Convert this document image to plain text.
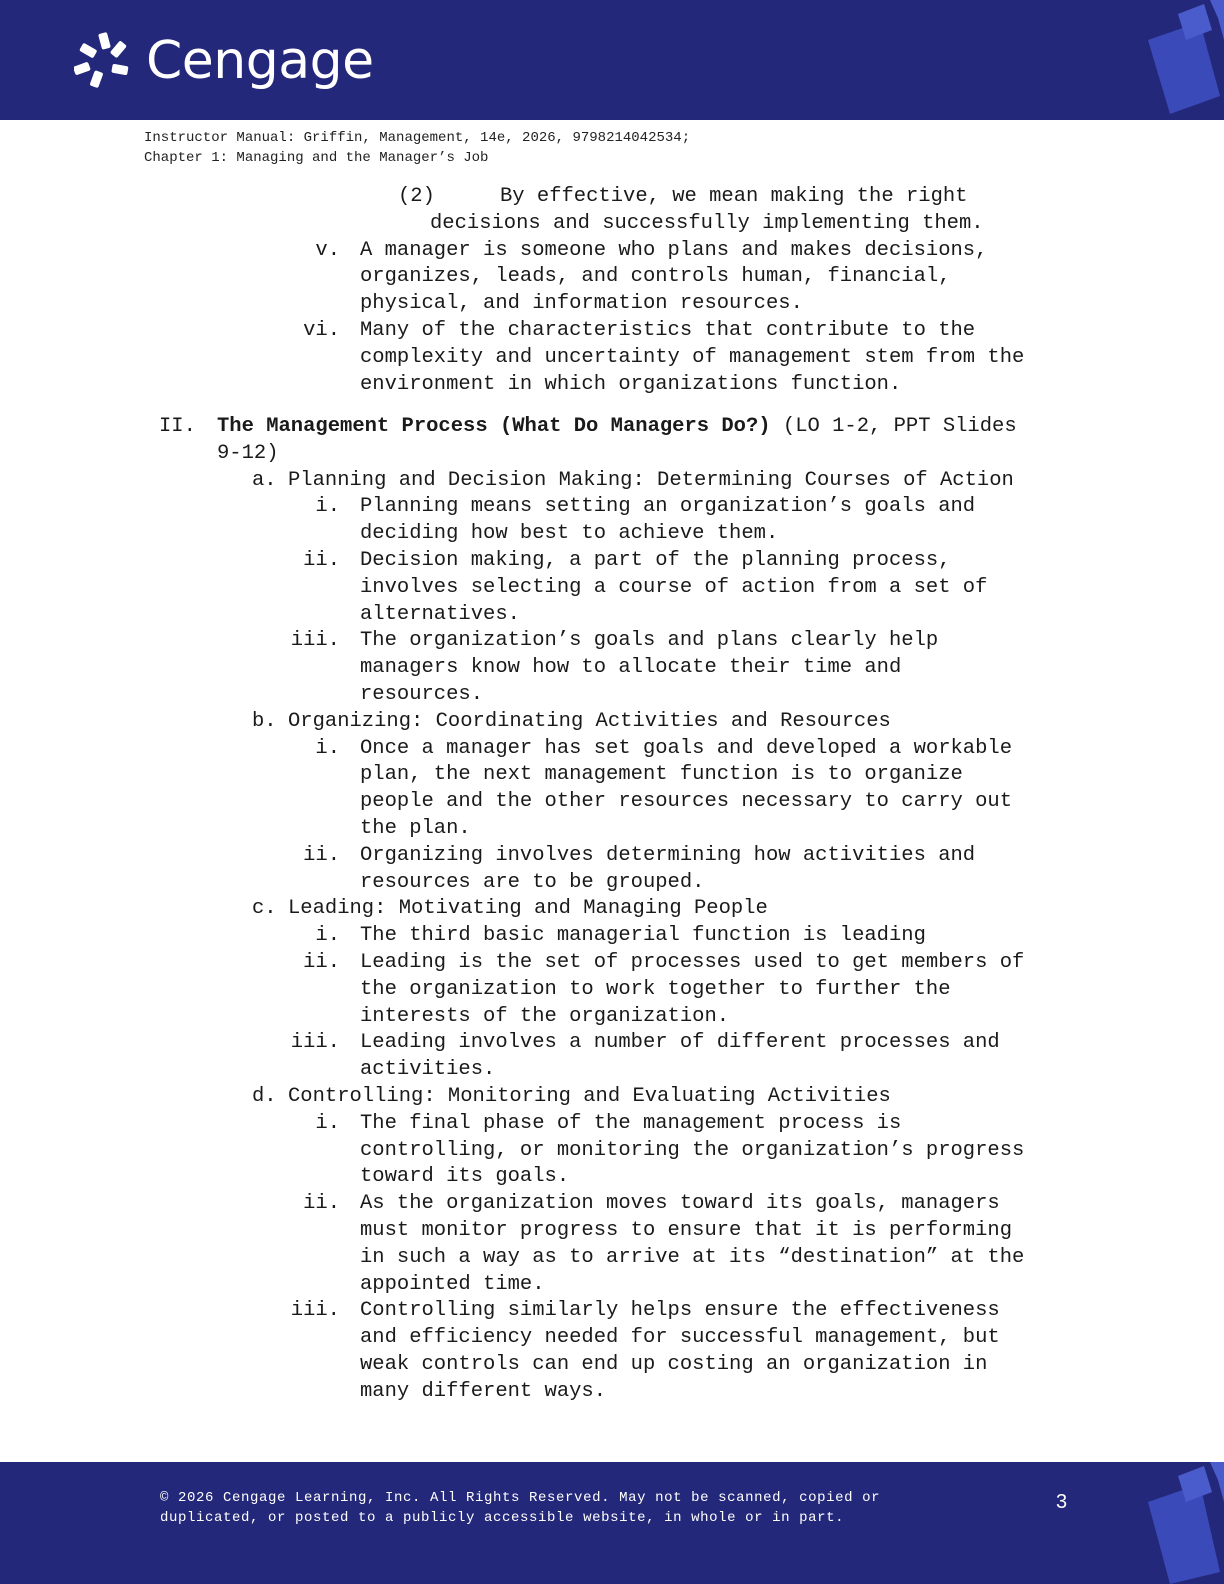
Cengage
Instructor Manual: Griffin, Management, 14e, 2026, 9798214042534;
Chapter 1: Managing and the Manager’s Job
(2)	By effective, we mean making the right
decisions and successfully implementing them.
v. A manager is someone who plans and makes decisions,
organizes, leads, and controls human, financial,
physical, and information resources.
vi. Many of the characteristics that contribute to the
complexity and uncertainty of management stem from the
environment in which organizations function.
II. The Management Process (What Do Managers Do?) (LO 1-2, PPT Slides
9-12)
a. Planning and Decision Making: Determining Courses of Action
i. Planning means setting an organization’s goals and
deciding how best to achieve them.
ii. Decision making, a part of the planning process,
involves selecting a course of action from a set of
alternatives.
iii. The organization’s goals and plans clearly help
managers know how to allocate their time and
resources.
b. Organizing: Coordinating Activities and Resources
i. Once a manager has set goals and developed a workable
plan, the next management function is to organize
people and the other resources necessary to carry out
the plan.
ii. Organizing involves determining how activities and
resources are to be grouped.
c. Leading: Motivating and Managing People
i. The third basic managerial function is leading
ii. Leading is the set of processes used to get members of
the organization to work together to further the
interests of the organization.
iii. Leading involves a number of different processes and
activities.
d. Controlling: Monitoring and Evaluating Activities
i. The final phase of the management process is
controlling, or monitoring the organization’s progress
toward its goals.
ii. As the organization moves toward its goals, managers
must monitor progress to ensure that it is performing
in such a way as to arrive at its “destination” at the
appointed time.
iii. Controlling similarly helps ensure the effectiveness
and efficiency needed for successful management, but
weak controls can end up costing an organization in
many different ways.
© 2026 Cengage Learning, Inc. All Rights Reserved. May not be scanned, copied or
duplicated, or posted to a publicly accessible website, in whole or in part.
3
